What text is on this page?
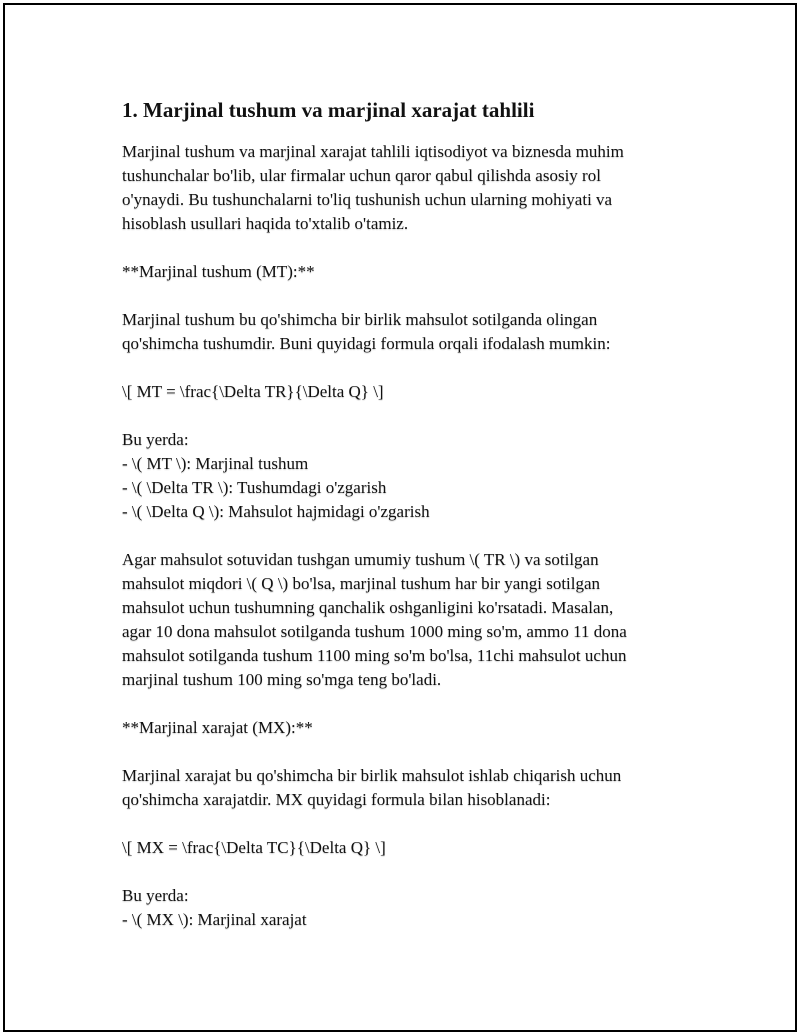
1. Marjinal tushum va marjinal xarajat tahlili

Marjinal tushum va marjinal xarajat tahlili iqtisodiyot va biznesda muhim
tushunchalar bo'lib, ular firmalar uchun qaror qabul qilishda asosiy rol
o'ynaydi. Bu tushunchalarni to'liq tushunish uchun ularning mohiyati va
hisoblash usullari haqida to'xtalib o'tamiz.

**Marjinal tushum (MT):**

Marjinal tushum bu qo'shimcha bir birlik mahsulot sotilganda olingan
qo'shimcha tushumdir. Buni quyidagi formula orqali ifodalash mumkin:

\[ MT = \frac{\Delta TR}{\Delta Q} \]

Bu yerda:
- \( MT \): Marjinal tushum
- \( \Delta TR \): Tushumdagi o'zgarish
- \( \Delta Q \): Mahsulot hajmidagi o'zgarish

Agar mahsulot sotuvidan tushgan umumiy tushum \( TR \) va sotilgan
mahsulot miqdori \( Q \) bo'lsa, marjinal tushum har bir yangi sotilgan
mahsulot uchun tushumning qanchalik oshganligini ko'rsatadi. Masalan,
agar 10 dona mahsulot sotilganda tushum 1000 ming so'm, ammo 11 dona
mahsulot sotilganda tushum 1100 ming so'm bo'lsa, 11chi mahsulot uchun
marjinal tushum 100 ming so'mga teng bo'ladi.

**Marjinal xarajat (MX):**

Marjinal xarajat bu qo'shimcha bir birlik mahsulot ishlab chiqarish uchun
qo'shimcha xarajatdir. MX quyidagi formula bilan hisoblanadi:

\[ MX = \frac{\Delta TC}{\Delta Q} \]

Bu yerda:
- \( MX \): Marjinal xarajat
